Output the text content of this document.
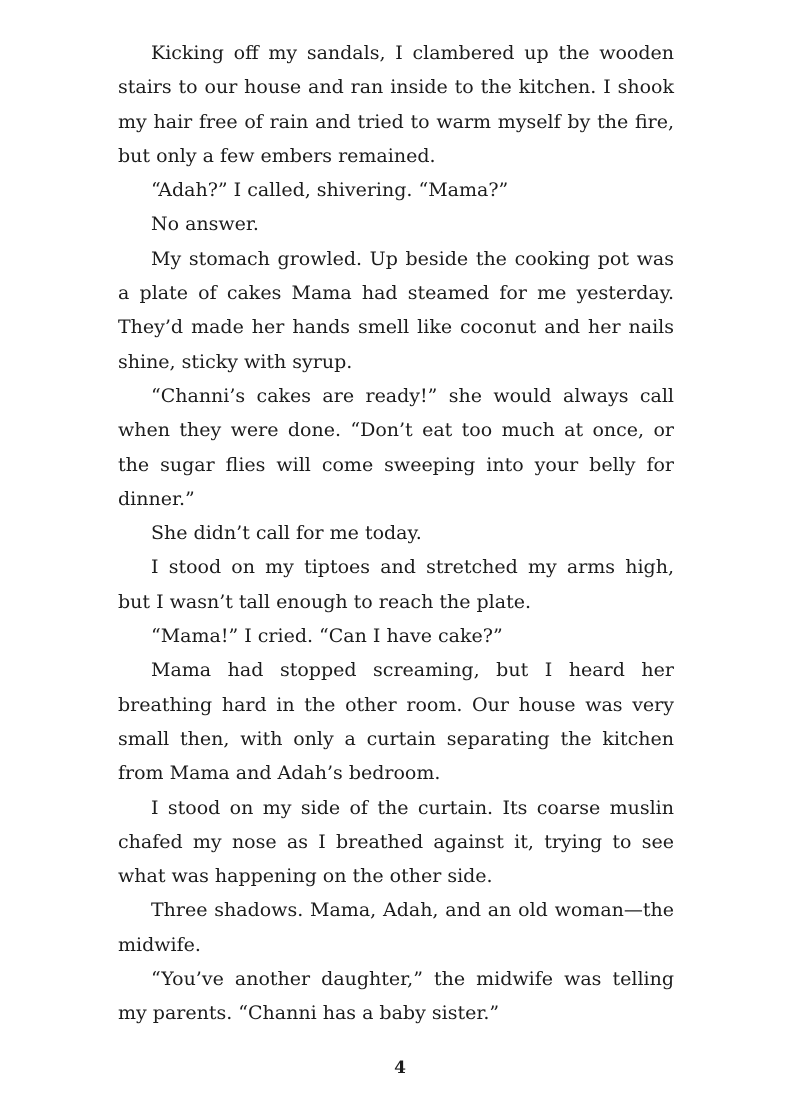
Kicking off my sandals, I clambered up the wooden stairs to our house and ran inside to the kitchen. I shook my hair free of rain and tried to warm myself by the fire, but only a few embers remained.

“Adah?” I called, shivering. “Mama?”

No answer.

My stomach growled. Up beside the cooking pot was a plate of cakes Mama had steamed for me yesterday. They’d made her hands smell like coconut and her nails shine, sticky with syrup.

“Channi’s cakes are ready!” she would always call when they were done. “Don’t eat too much at once, or the sugar flies will come sweeping into your belly for dinner.”

She didn’t call for me today.

I stood on my tiptoes and stretched my arms high, but I wasn’t tall enough to reach the plate.

“Mama!” I cried. “Can I have cake?”

Mama had stopped screaming, but I heard her breathing hard in the other room. Our house was very small then, with only a curtain separating the kitchen from Mama and Adah’s bedroom.

I stood on my side of the curtain. Its coarse muslin chafed my nose as I breathed against it, trying to see what was happening on the other side.

Three shadows. Mama, Adah, and an old woman—the midwife.

“You’ve another daughter,” the midwife was telling my parents. “Channi has a baby sister.”

4
